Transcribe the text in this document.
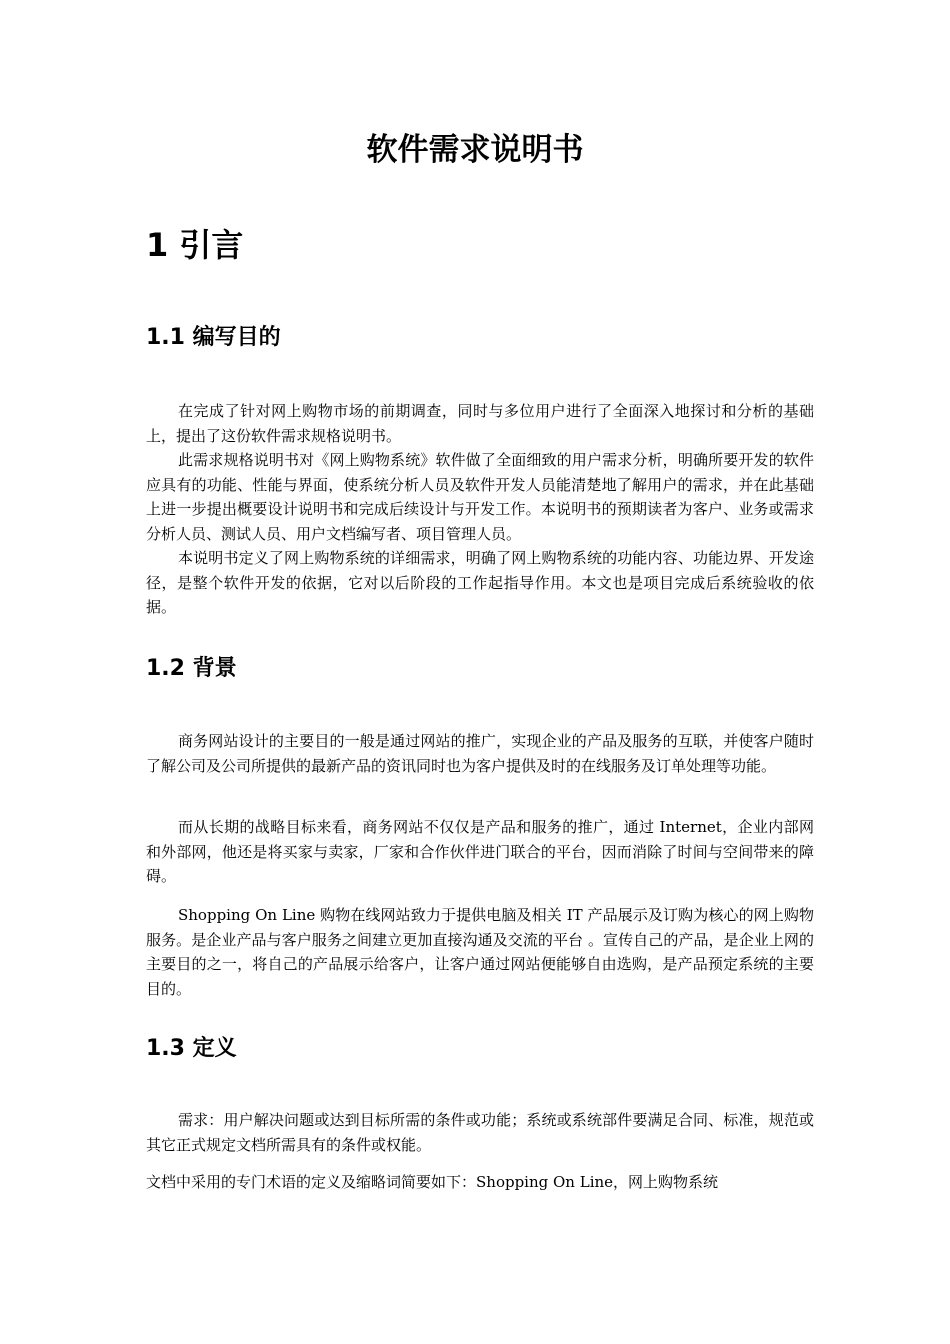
软件需求说明书
1 引言
1.1 编写目的

在完成了针对网上购物市场的前期调查，同时与多位用户进行了全面深入地探讨和分析的基础上，提出了这份软件需求规格说明书。

此需求规格说明书对《网上购物系统》软件做了全面细致的用户需求分析，明确所要开发的软件应具有的功能、性能与界面，使系统分析人员及软件开发人员能清楚地了解用户的需求，并在此基础上进一步提出概要设计说明书和完成后续设计与开发工作。本说明书的预期读者为客户、业务或需求分析人员、测试人员、用户文档编写者、项目管理人员。

本说明书定义了网上购物系统的详细需求，明确了网上购物系统的功能内容、功能边界、开发途径，是整个软件开发的依据，它对以后阶段的工作起指导作用。本文也是项目完成后系统验收的依据。

1.2 背景

商务网站设计的主要目的一般是通过网站的推广，实现企业的产品及服务的互联，并使客户随时了解公司及公司所提供的最新产品的资讯同时也为客户提供及时的在线服务及订单处理等功能。

而从长期的战略目标来看，商务网站不仅仅是产品和服务的推广，通过 Internet，企业内部网 和外部网，他还是将买家与卖家，厂家和合作伙伴进门联合的平台，因而消除了时间与空间带来的障碍。

Shopping On Line 购物在线网站致力于提供电脑及相关 IT 产品展示及订购为核心的网上购物服务。是企业产品与客户服务之间建立更加直接沟通及交流的平台 。宣传自己的产品，是企业上网的主要目的之一，将自己的产品展示给客户，让客户通过网站便能够自由选购，是产品预定系统的主要目的。

1.3 定义

需求：用户解决问题或达到目标所需的条件或功能；系统或系统部件要满足合同、标准，规范或其它正式规定文档所需具有的条件或权能。

文档中采用的专门术语的定义及缩略词简要如下：Shopping On Line，网上购物系统
